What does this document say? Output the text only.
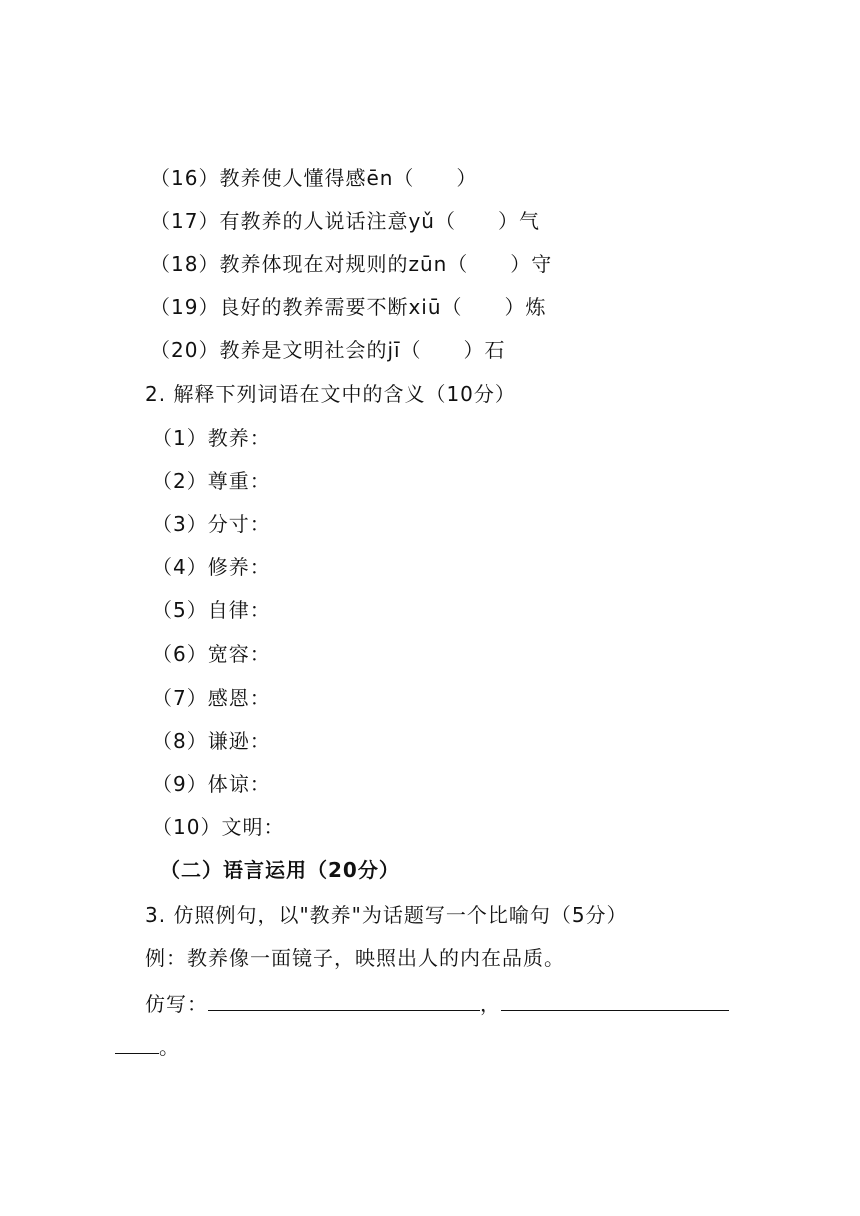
（16）教养使人懂得感ēn（　　）
（17）有教养的人说话注意yǔ（　　）气
（18）教养体现在对规则的zūn（　　）守
（19）良好的教养需要不断xiū（　　）炼
（20）教养是文明社会的jī（　　）石
2. 解释下列词语在文中的含义（10分）
（1）教养：
（2）尊重：
（3）分寸：
（4）修养：
（5）自律：
（6）宽容：
（7）感恩：
（8）谦逊：
（9）体谅：
（10）文明：
（二）语言运用（20分）
3. 仿照例句，以"教养"为话题写一个比喻句（5分）
例：教养像一面镜子，映照出人的内在品质。
仿写：	，
。
